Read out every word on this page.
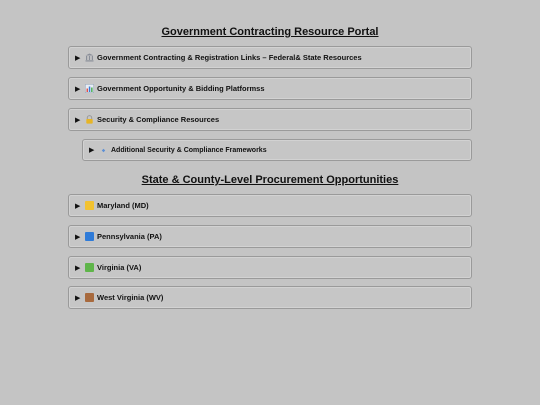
Government Contracting Resource Portal
▶	Government Contracting & Registration Links – Federal& State Resources
▶	Government Opportunity & Bidding Platformss
▶	Security & Compliance Resources
▶	Additional Security & Compliance Frameworks
State & County-Level Procurement Opportunities
▶	Maryland (MD)
▶	Pennsylvania (PA)
▶	Virginia (VA)
▶	West Virginia (WV)
